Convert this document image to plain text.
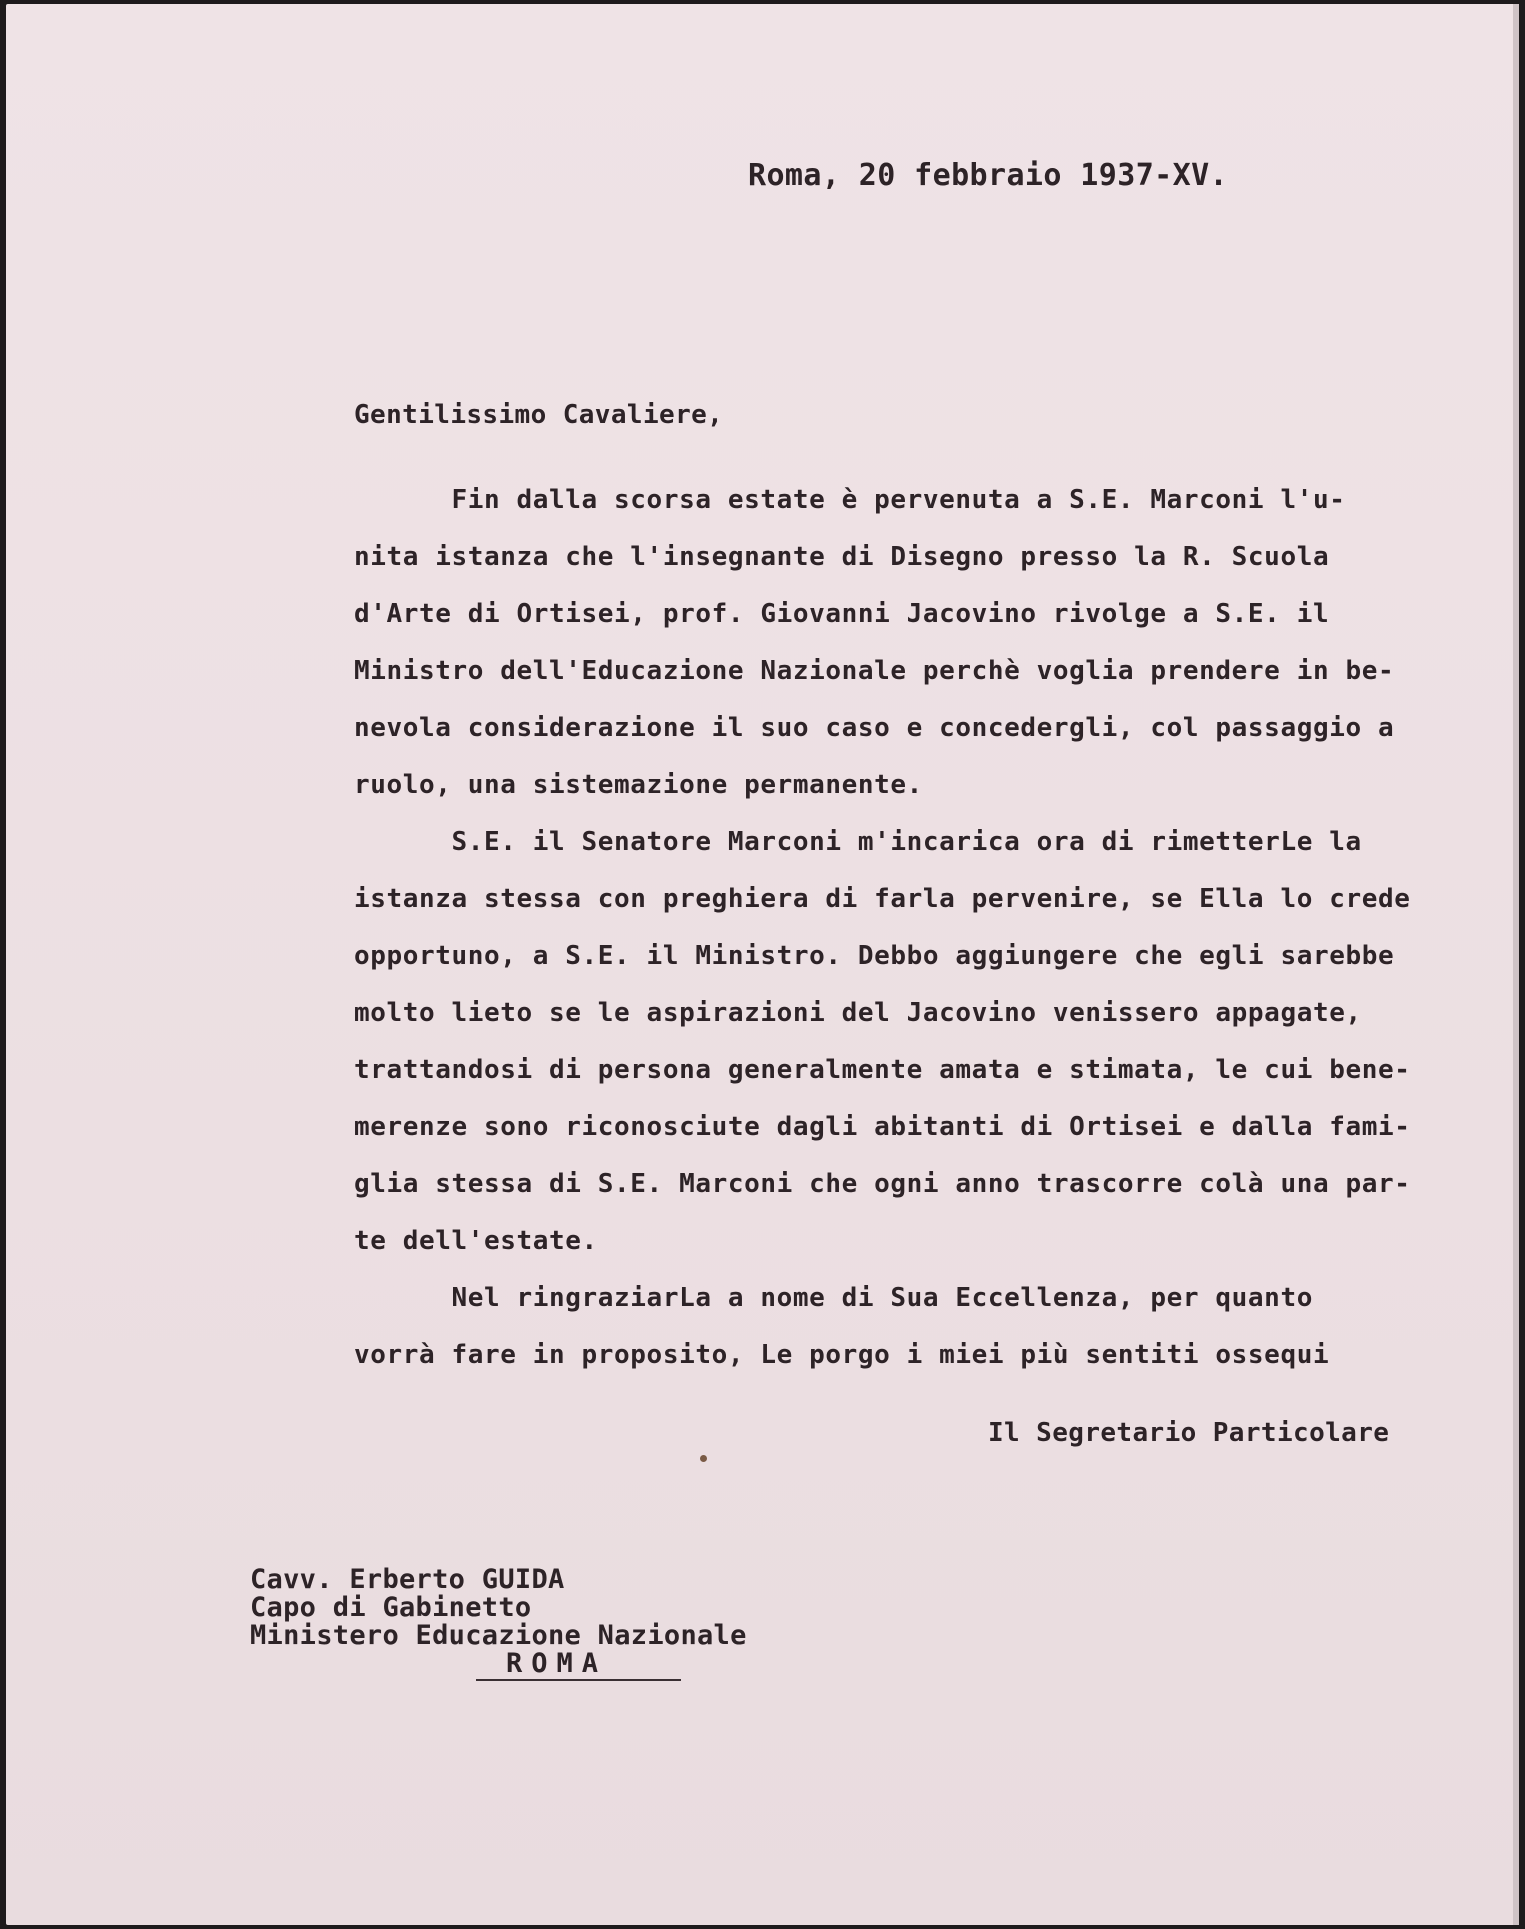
Roma, 20 febbraio 1937-XV.
Gentilissimo Cavaliere,
Fin dalla scorsa estate è pervenuta a S.E. Marconi l'u-
nita istanza che l'insegnante di Disegno presso la R. Scuola
d'Arte di Ortisei, prof. Giovanni Jacovino rivolge a S.E. il
Ministro dell'Educazione Nazionale perchè voglia prendere in be-
nevola considerazione il suo caso e concedergli, col passaggio a
ruolo, una sistemazione permanente.
S.E. il Senatore Marconi m'incarica ora di rimetterLe la
istanza stessa con preghiera di farla pervenire, se Ella lo crede
opportuno, a S.E. il Ministro. Debbo aggiungere che egli sarebbe
molto lieto se le aspirazioni del Jacovino venissero appagate,
trattandosi di persona generalmente amata e stimata, le cui bene-
merenze sono riconosciute dagli abitanti di Ortisei e dalla fami-
glia stessa di S.E. Marconi che ogni anno trascorre colà una par-
te dell'estate.
Nel ringraziarLa a nome di Sua Eccellenza, per quanto
vorrà fare in proposito, Le porgo i miei più sentiti ossequi
Il Segretario Particolare
Cavv. Erberto GUIDA
Capo di Gabinetto
Ministero Educazione Nazionale
ROMA
